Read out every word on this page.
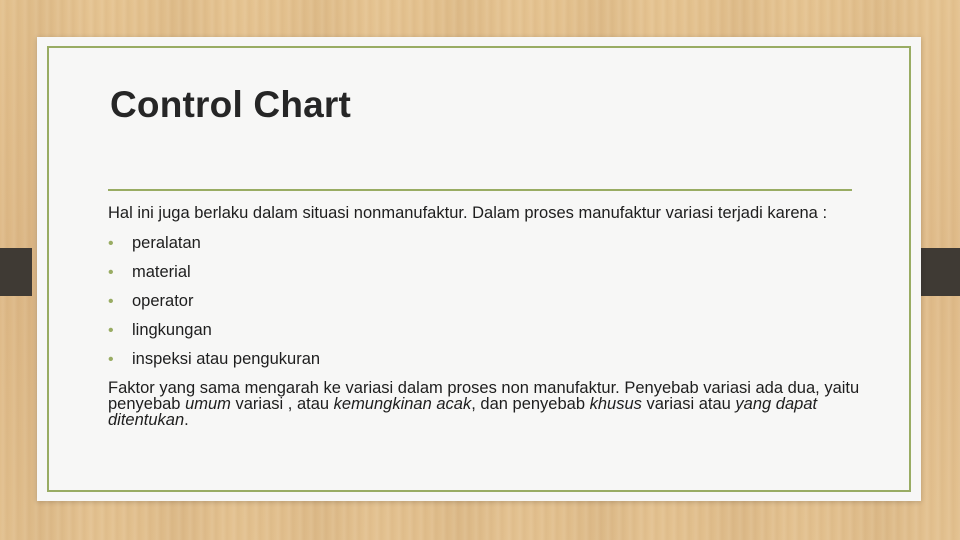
Control Chart

Hal ini juga berlaku dalam situasi nonmanufaktur. Dalam proses manufaktur variasi terjadi karena :

• peralatan
• material
• operator
• lingkungan
• inspeksi atau pengukuran

Faktor yang sama mengarah ke variasi dalam proses non manufaktur. Penyebab variasi ada dua, yaitu penyebab umum variasi , atau kemungkinan acak, dan penyebab khusus variasi atau yang dapat ditentukan.
